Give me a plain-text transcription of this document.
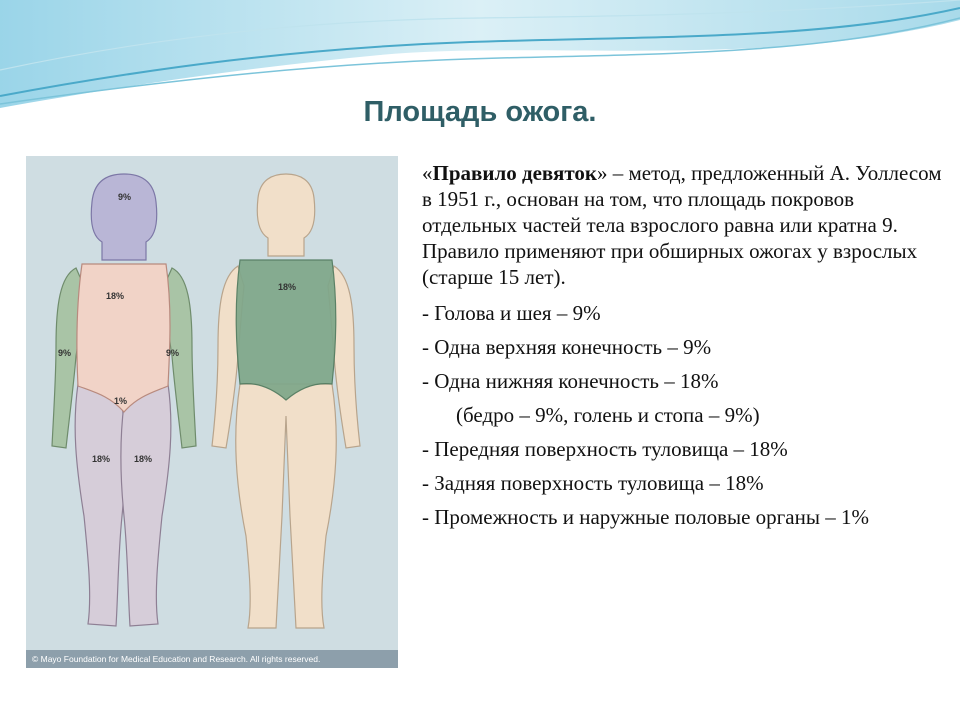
Площадь ожога.
9%
18%
9%	9%
1%
18%	18%
18%
© Mayo Foundation for Medical Education and Research. All rights reserved.

«Правило девяток» – метод, предложенный А. Уоллесом в 1951 г., основан на том, что площадь покровов отдельных частей тела взрослого равна или кратна 9. Правило применяют при обширных ожогах у взрослых (старше 15 лет).

- Голова и шея – 9%
- Одна верхняя конечность – 9%
- Одна нижняя конечность – 18%
(бедро – 9%, голень и стопа – 9%)
- Передняя поверхность туловища – 18%
- Задняя поверхность туловища – 18%
- Промежность и наружные половые органы – 1%
